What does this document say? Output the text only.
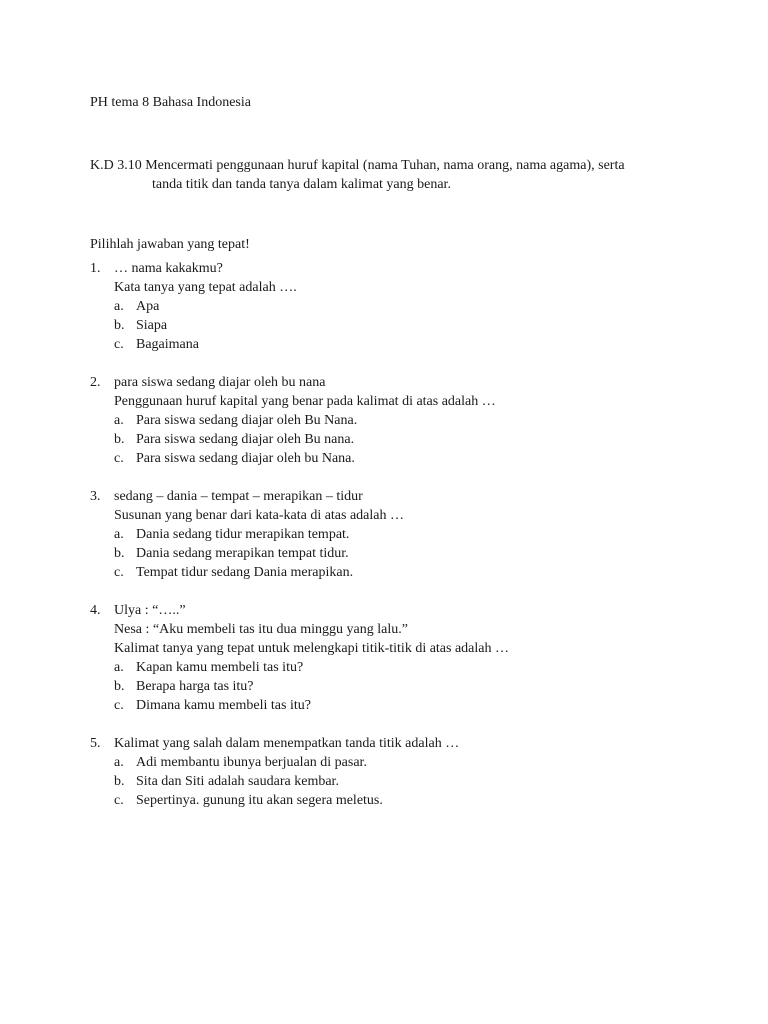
PH tema 8 Bahasa Indonesia
K.D 3.10 Mencermati penggunaan huruf kapital (nama Tuhan, nama orang, nama agama), serta
tanda titik dan tanda tanya dalam kalimat yang benar.
Pilihlah jawaban yang tepat!
1. … nama kakakmu?
Kata tanya yang tepat adalah ….
a. Apa
b. Siapa
c. Bagaimana
2. para siswa sedang diajar oleh bu nana
Penggunaan huruf kapital yang benar pada kalimat di atas adalah …
a. Para siswa sedang diajar oleh Bu Nana.
b. Para siswa sedang diajar oleh Bu nana.
c. Para siswa sedang diajar oleh bu Nana.
3. sedang – dania – tempat – merapikan – tidur
Susunan yang benar dari kata-kata di atas adalah …
a. Dania sedang tidur merapikan tempat.
b. Dania sedang merapikan tempat tidur.
c. Tempat tidur sedang Dania merapikan.
4. Ulya : “…..”
Nesa : “Aku membeli tas itu dua minggu yang lalu.”
Kalimat tanya yang tepat untuk melengkapi titik-titik di atas adalah …
a. Kapan kamu membeli tas itu?
b. Berapa harga tas itu?
c. Dimana kamu membeli tas itu?
5. Kalimat yang salah dalam menempatkan tanda titik adalah …
a. Adi membantu ibunya berjualan di pasar.
b. Sita dan Siti adalah saudara kembar.
c. Sepertinya. gunung itu akan segera meletus.
